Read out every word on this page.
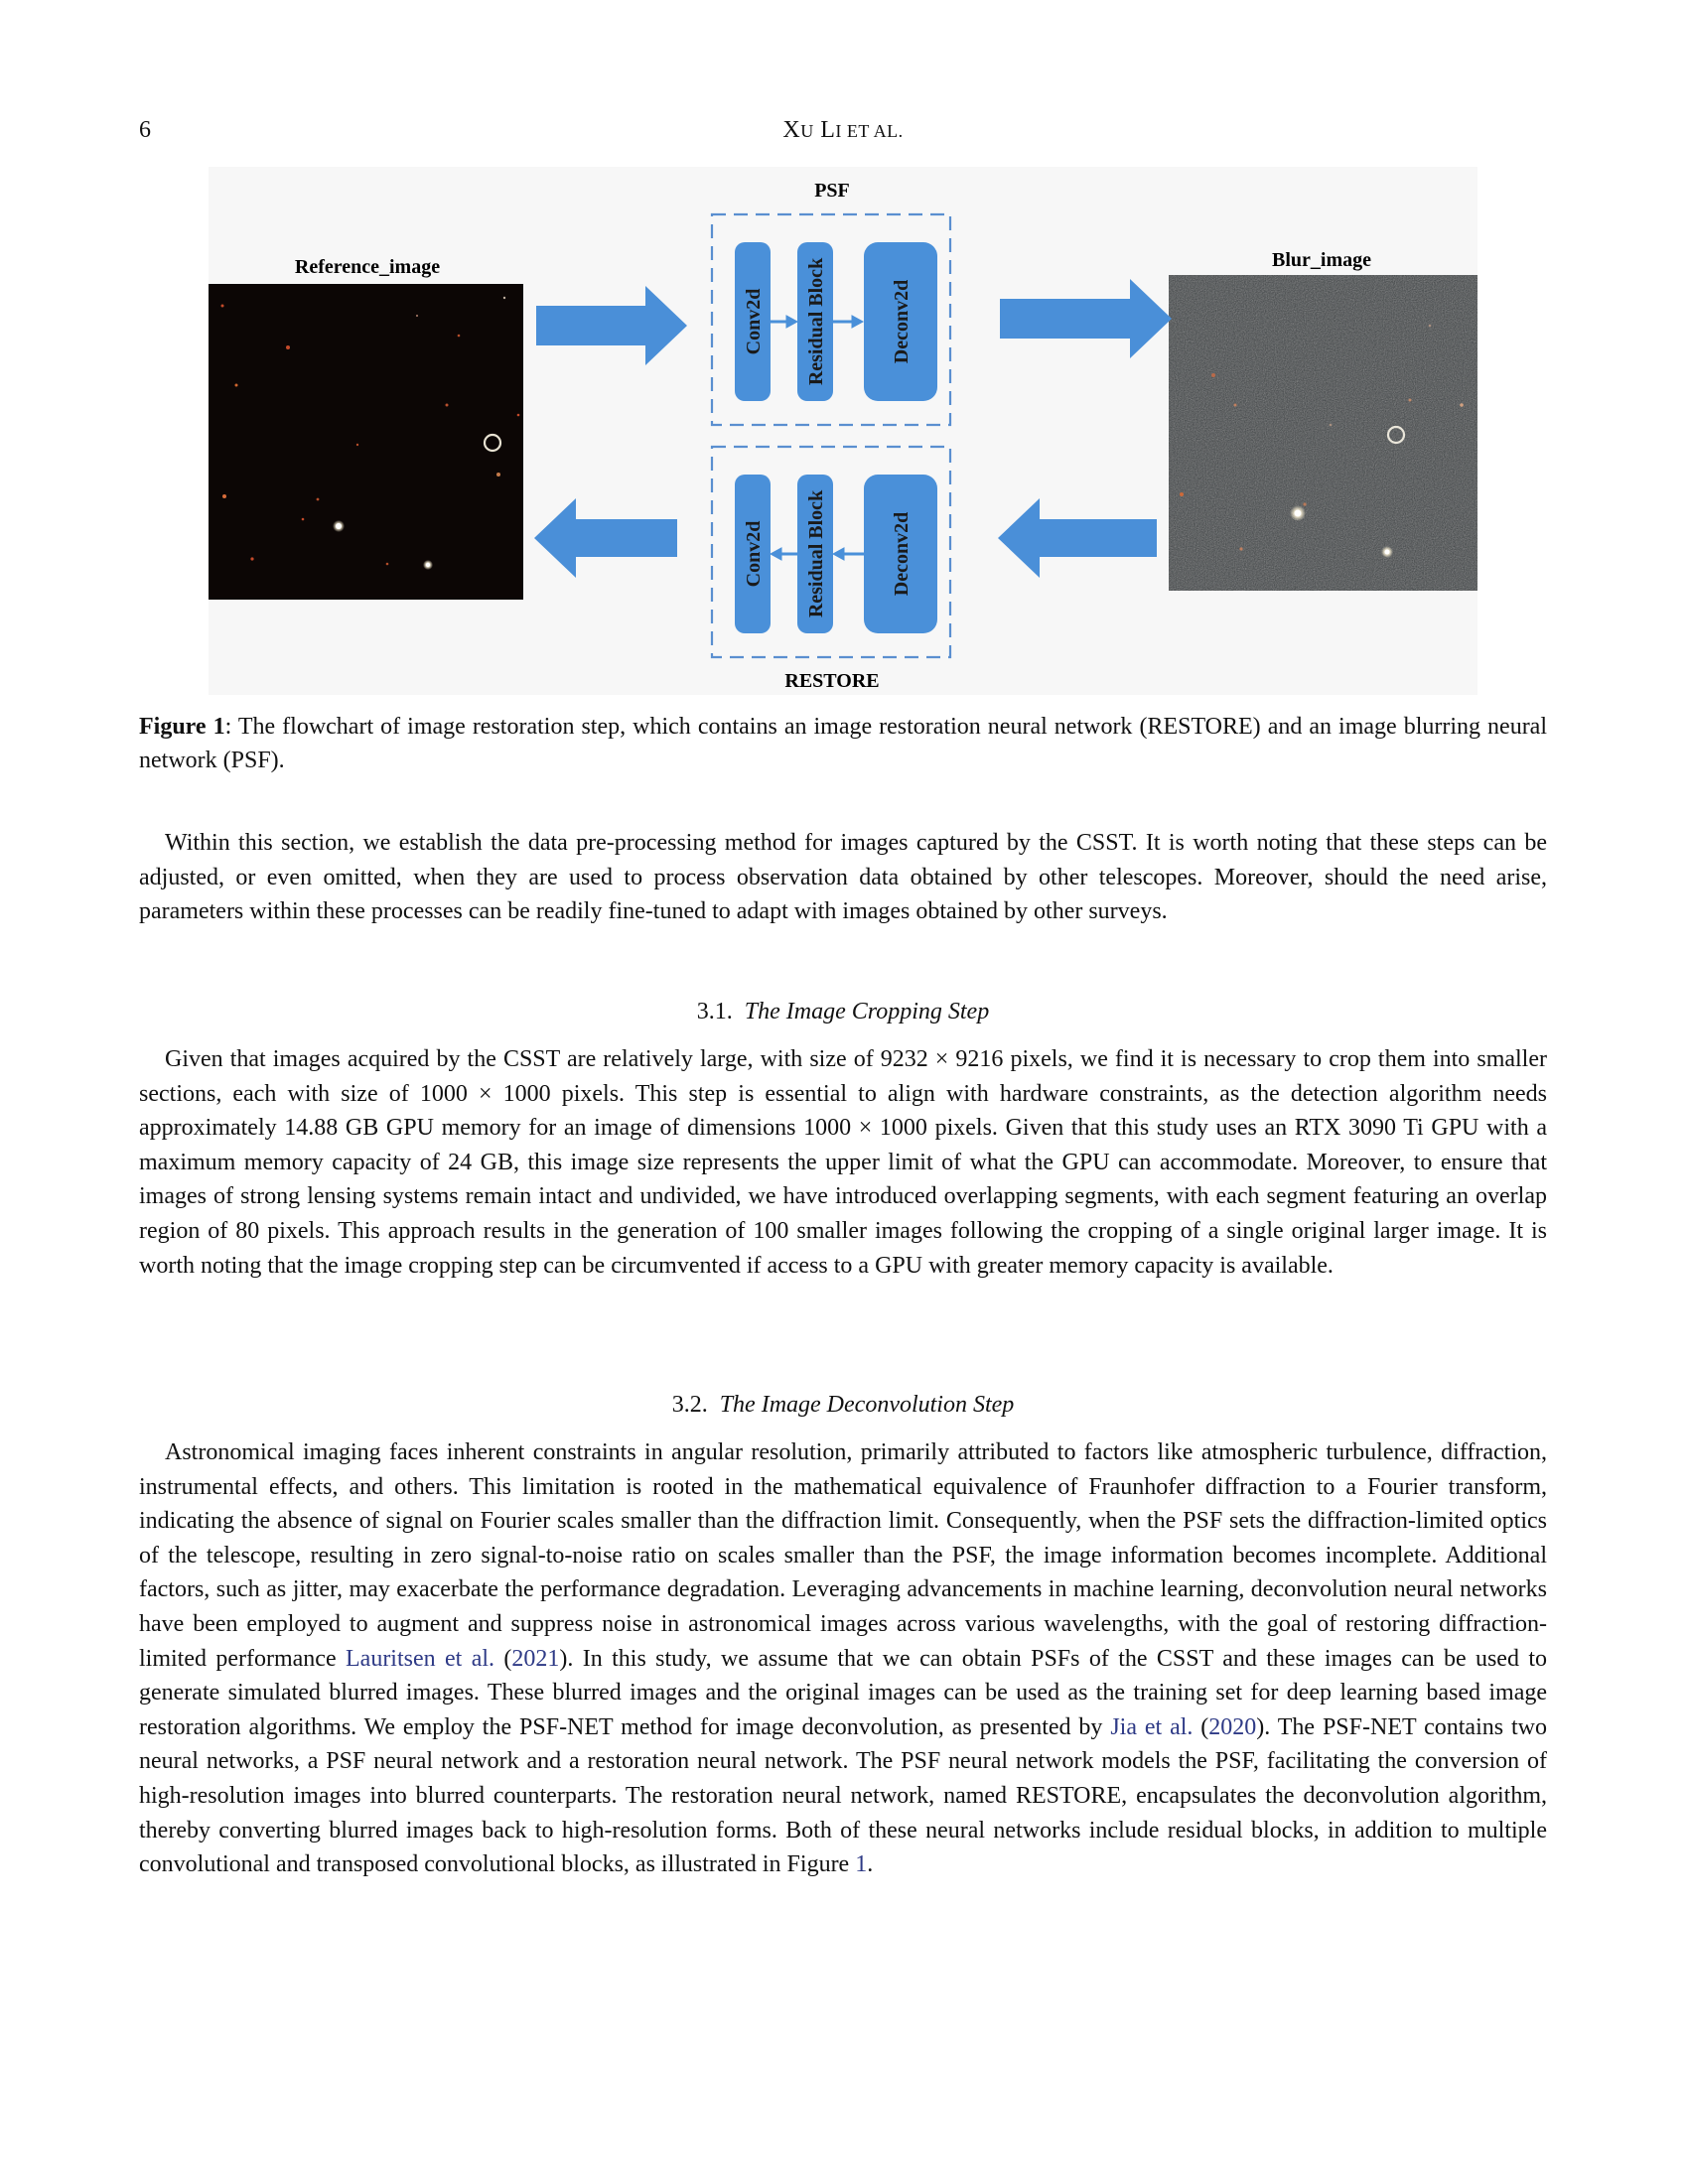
6	XU LI ET AL.
PSF
RESTORE
Reference_image	Blur_image
Conv2d Residual Block	Deconv2d
Conv2d Residual Block	Deconv2d
Figure 1: The flowchart of image restoration step, which contains an image restoration neural network (RESTORE) and an image blurring neural network (PSF).

Within this section, we establish the data pre-processing method for images captured by the CSST. It is worth noting that these steps can be adjusted, or even omitted, when they are used to process observation data obtained by other telescopes. Moreover, should the need arise, parameters within these processes can be readily fine-tuned to adapt with images obtained by other surveys.

3.1. The Image Cropping Step

Given that images acquired by the CSST are relatively large, with size of 9232 × 9216 pixels, we find it is necessary to crop them into smaller sections, each with size of 1000 × 1000 pixels. This step is essential to align with hardware constraints, as the detection algorithm needs approximately 14.88 GB GPU memory for an image of dimensions 1000 × 1000 pixels. Given that this study uses an RTX 3090 Ti GPU with a maximum memory capacity of 24 GB, this image size represents the upper limit of what the GPU can accommodate. Moreover, to ensure that images of strong lensing systems remain intact and undivided, we have introduced overlapping segments, with each segment featuring an overlap region of 80 pixels. This approach results in the generation of 100 smaller images following the cropping of a single original larger image. It is worth noting that the image cropping step can be circumvented if access to a GPU with greater memory capacity is available.

3.2. The Image Deconvolution Step

Astronomical imaging faces inherent constraints in angular resolution, primarily attributed to factors like atmospheric turbulence, diffraction, instrumental effects, and others. This limitation is rooted in the mathematical equivalence of Fraunhofer diffraction to a Fourier transform, indicating the absence of signal on Fourier scales smaller than the diffraction limit. Consequently, when the PSF sets the diffraction-limited optics of the telescope, resulting in zero signal-to-noise ratio on scales smaller than the PSF, the image information becomes incomplete. Additional factors, such as jitter, may exacerbate the performance degradation. Leveraging advancements in machine learning, deconvolution neural networks have been employed to augment and suppress noise in astronomical images across various wavelengths, with the goal of restoring diffraction-limited performance Lauritsen et al. (2021). In this study, we assume that we can obtain PSFs of the CSST and these images can be used to generate simulated blurred images. These blurred images and the original images can be used as the training set for deep learning based image restoration algorithms. We employ the PSF-NET method for image deconvolution, as presented by Jia et al. (2020). The PSF-NET contains two neural networks, a PSF neural network and a restoration neural network. The PSF neural network models the PSF, facilitating the conversion of high-resolution images into blurred counterparts. The restoration neural network, named RESTORE, encapsulates the deconvolution algorithm, thereby converting blurred images back to high-resolution forms. Both of these neural networks include residual blocks, in addition to multiple convolutional and transposed convolutional blocks, as illustrated in Figure 1.
